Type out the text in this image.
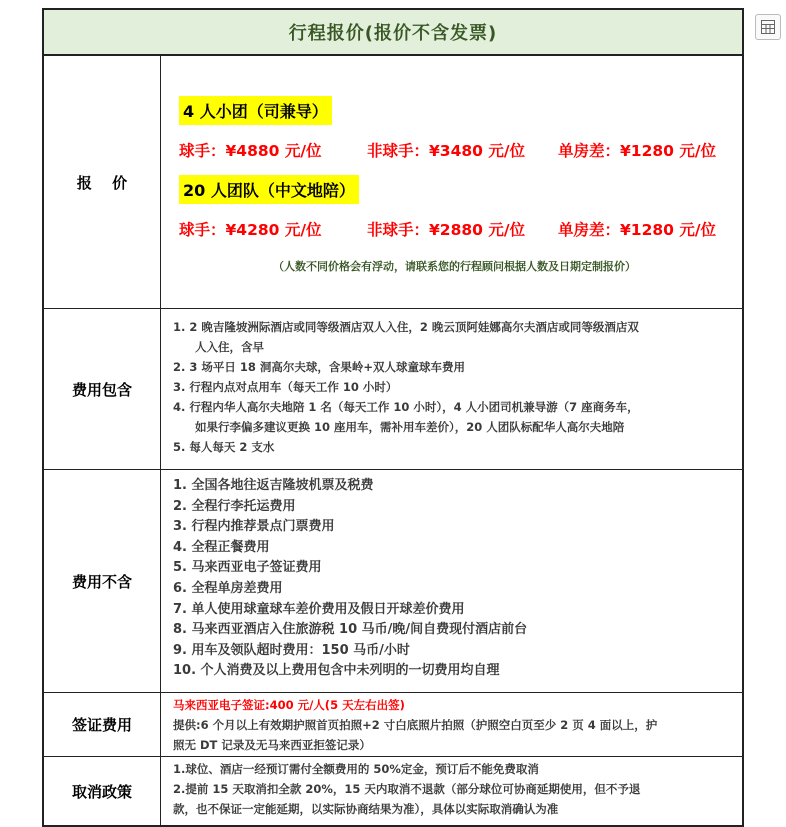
行程报价(报价不含发票)
报　 价
4 人小团（司兼导）
球手：¥4880 元/位	非球手：¥3480 元/位	单房差：¥1280 元/位
20 人团队（中文地陪）
球手：¥4280 元/位	非球手：¥2880 元/位	单房差：¥1280 元/位
（人数不同价格会有浮动，请联系您的行程顾问根据人数及日期定制报价）
费用包含
1. 2 晚吉隆坡洲际酒店或同等级酒店双人入住，2 晚云顶阿娃娜高尔夫酒店或同等级酒店双
人入住，含早
2. 3 场平日 18 洞高尔夫球，含果岭+双人球童球车费用
3. 行程内点对点用车（每天工作 10 小时）
4. 行程内华人高尔夫地陪 1 名（每天工作 10 小时），4 人小团司机兼导游（7 座商务车，
如果行李偏多建议更换 10 座用车，需补用车差价），20 人团队标配华人高尔夫地陪
5. 每人每天 2 支水
费用不含
1. 全国各地往返吉隆坡机票及税费
2. 全程行李托运费用
3. 行程内推荐景点门票费用
4. 全程正餐费用
5. 马来西亚电子签证费用
6. 全程单房差费用
7. 单人使用球童球车差价费用及假日开球差价费用
8. 马来西亚酒店入住旅游税 10 马币/晚/间自费现付酒店前台
9. 用车及领队超时费用：150 马币/小时
10. 个人消费及以上费用包含中未列明的一切费用均自理
签证费用
马来西亚电子签证:400 元/人(5 天左右出签)
提供:6 个月以上有效期护照首页拍照+2 寸白底照片拍照（护照空白页至少 2 页 4 面以上，护
照无 DT 记录及无马来西亚拒签记录）
取消政策
1.球位、酒店一经预订需付全额费用的 50%定金，预订后不能免费取消
2.提前 15 天取消扣全款 20%，15 天内取消不退款（部分球位可协商延期使用，但不予退
款，也不保证一定能延期，以实际协商结果为准），具体以实际取消确认为准
